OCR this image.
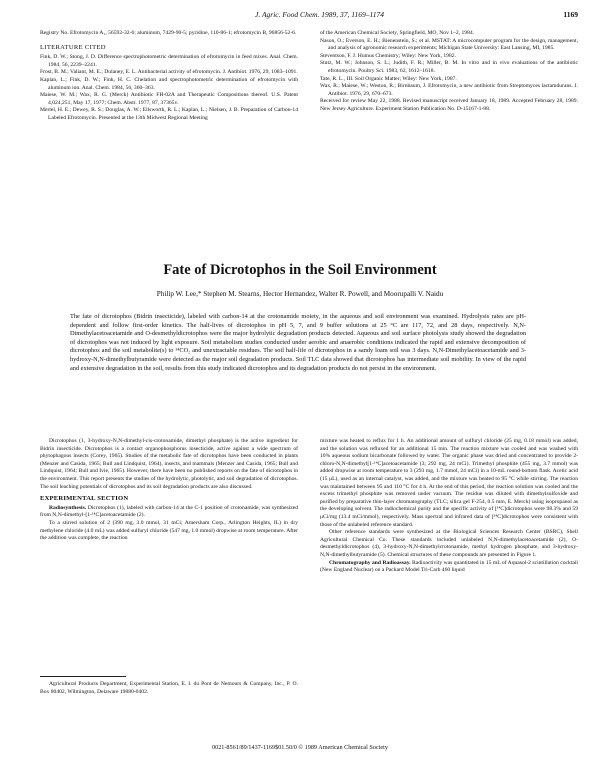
J. Agric. Food Chem. 1989, 37, 1169–1174	1169

Registry No. Efrotomycin A₁, 56592-32-6; aluminum, 7429-90-5; pyridine, 110-86-1; efrotomycin B, 96856-52-6.

LITERATURE CITED

Fink, D. W.; Stong, J. D. Difference spectrophotometric determination of efrotomycin in feed mixes. Anal. Chem. 1984, 56, 2239–2241.

Frost, B. M.; Valiant, M. E.; Dulaney, E. L. Antibacterial activity of efrotomycin. J. Antibiot. 1976, 29, 1083–1091.

Kaplan, L.; Fink, D. W.; Fink, H. C. Chelation and spectrophotometric determination of efrotomycin with aluminum ion. Anal. Chem. 1984, 56, 360–363.

Maiese, W. M.; Wax, R. G. (Merck) Antibiotic FH-02A and Therapeutic Compositions thereof. U.S. Patent 4,024,251, May 17, 1977; Chem. Abstr. 1977, 87, 37365v.

Mertel, H. E.; Dewey, R. S.; Douglas, A. W.; Ellsworth, R. L.; Kaplan, L.; Nielsen, J. B. Preparation of Carbon-14 Labeled Efrotomycin. Presented at the 13th Midwest Regional Meeting

of the American Chemical Society, Springfield, MO, Nov 1–2, 1984.

Nason, O.; Everson, E. H.; Bienenstein, S.; et al. MSTAT: A microcomputer program for the design, management, and analysis of agronomic research experiments; Michigan State University: East Lansing, MI, 1985.

Steventson, F. J. Humus Chemistry; Wiley: New York, 1982.

Stutz, M. W.; Johnson, S. L.; Judith, F. R.; Miller, B. M. In vitro and in vivo evaluations of the antibiotic efrotomycin. Poultry Sci. 1983, 62, 1612–1618.

Tate, R. L., III. Soil Organic Matter; Wiley: New York, 1987.

Wax, R.; Maiese, W.; Weston, R.; Birnbaum, J. Efrotomycin, a new antibiotic from Streptomyces lactamdurans. J. Antibiot. 1976, 29, 670–673.

Received for review May 22, 1988. Revised manuscript received January 18, 1989. Accepted February 28, 1989. New Jersey Agriculture. Experiment Station Publication No. D-15167-1-88.

Fate of Dicrotophos in the Soil Environment
Philip W. Lee,* Stephen M. Stearns, Hector Hernandez, Walter R. Powell, and Moorupalli V. Naidu
The fate of dicrotophos (Bidrin insecticide), labeled with carbon-14 at the crotonamide moiety, in the aqueous and soil environment was examined. Hydrolysis rates are pH-dependent and follow first-order kinetics. The half-lives of dicrotophos in pH 5, 7, and 9 buffer solutions at 25 °C are 117, 72, and 28 days, respectively. N,N-Dimethylacetoacetamide and O-desmethyldicrotophos were the major hydrolytic degradation products detected. Aqueous and soil surface photolysis study showed the degradation of dicrotophos was not induced by light exposure. Soil metabolism studies conducted under aerobic and anaerobic conditions indicated the rapid and extensive decomposition of dicrotophos and the soil metabolite(s) to ¹⁴CO₂ and unextractable residues. The soil half-life of dicrotophos in a sandy loam soil was 3 days. N,N-Dimethylacetoacetamide and 3-hydroxy-N,N-dimethylbutyramide were detected as the major soil degradation products. Soil TLC data showed that dicrotophos has intermediate soil mobility. In view of the rapid and extensive degradation in the soil, results from this study indicated dicrotophos and its degradation products do not persist in the environment.

Dicrotophos (1, 3-hydroxy-N,N-dimethyl-cis-crotonamide, dimethyl phosphate) is the active ingredient for Bidrin insecticide. Dicrotophos is a contact organophosphorus insecticide, active against a wide spectrum of phytophagous insects (Corey, 1965). Studies of the metabolic fate of dicrotophos have been conducted in plants (Menzer and Casida, 1965; Bull and Lindquist, 1964), insects, and mammals (Menzer and Casida, 1965; Bull and Lindquist, 1964; Bull and Ivie, 1965). However, there have been no published reports on the fate of dicrotophos in the environment. This report presents the studies of the hydrolytic, photolytic, and soil degradation of dicrotophos. The soil leaching potentials of dicrotophos and its soil degradation products are also discussed.

EXPERIMENTAL SECTION

Radiosynthesis. Dicrotophos (1), labeled with carbon-14 at the C-1 position of crotonamide, was synthesized from N,N-dimethyl-[1-¹⁴C]acetoacetamide (2).

To a stirred solution of 2 (390 mg, 3.0 mmol, 31 mCi; Amersham Corp., Arlington Heights, IL) in dry methylene chloride (4.0 mL) was added sulfuryl chloride (547 mg, 1.0 mmol) dropwise at room temperature. After the addition was complete, the reaction

mixture was heated to reflux for 1 h. An additional amount of sulfuryl chloride (25 mg, 0.18 mmol) was added, and the solution was refluxed for an additional 15 min. The reaction mixture was cooled and was washed with 10% aqueous sodium bicarbonate followed by water. The organic phase was dried and concentrated to provide 2-chloro-N,N-dimethyl[1-¹⁴C]acetoacetamide (3; 292 mg, 24 mCi). Trimethyl phosphite (455 mg, 3.7 mmol) was added dropwise at room temperature to 3 (293 mg, 1.7 mmol, 24 mCi) in a 10-mL round-bottom flask. Acetic acid (15 μL), used as an internal catalyst, was added, and the mixture was heated to 95 °C while stirring. The reaction was maintained between 95 and 110 °C for 4 h. At the end of this period, the reaction solution was cooled and the excess trimethyl phosphite was removed under vacuum. The residue was diluted with dimethylsulfoxide and purified by preparative thin-layer chromatography (TLC; silica gel F-254, 0.5 mm, E. Merck) using isopropanol as the developing solvent. The radiochemical purity and the specific activity of [¹⁴C]dicrotophos were 98.3% and 59 μCi/mg (13.4 mCi/mmol), respectively. Mass spectral and infrared data of [¹⁴C]dicrotophos were consistent with those of the unlabeled reference standard.

Other reference standards were synthesized at the Biological Sciences Research Center (BSRC), Shell Agricultural Chemical Co. These standards included unlabeled N,N-dimethylacetoacetamide (2), O-desmethyldicrotophos (4), 3-hydroxy-N,N-dimethylcrotonamide, methyl hydrogen phosphate, and 3-hydroxy-N,N-dimethylbutyramide (5). Chemical structures of these compounds are presented in Figure 1.

Chromatography and Radioassay. Radioactivity was quantitated in 15 mL of Aquasol-2 scintillation cocktail (New England Nuclear) on a Packard Model Tri-Carb 460 liquid

Agricultural Products Department, Experimental Station, E. I. du Pont de Nemours & Company, Inc., P. O. Box 80402, Wilmington, Delaware 19880-0402.
0021-8561/89/1437-1169$01.50/0 © 1989 American Chemical Society
